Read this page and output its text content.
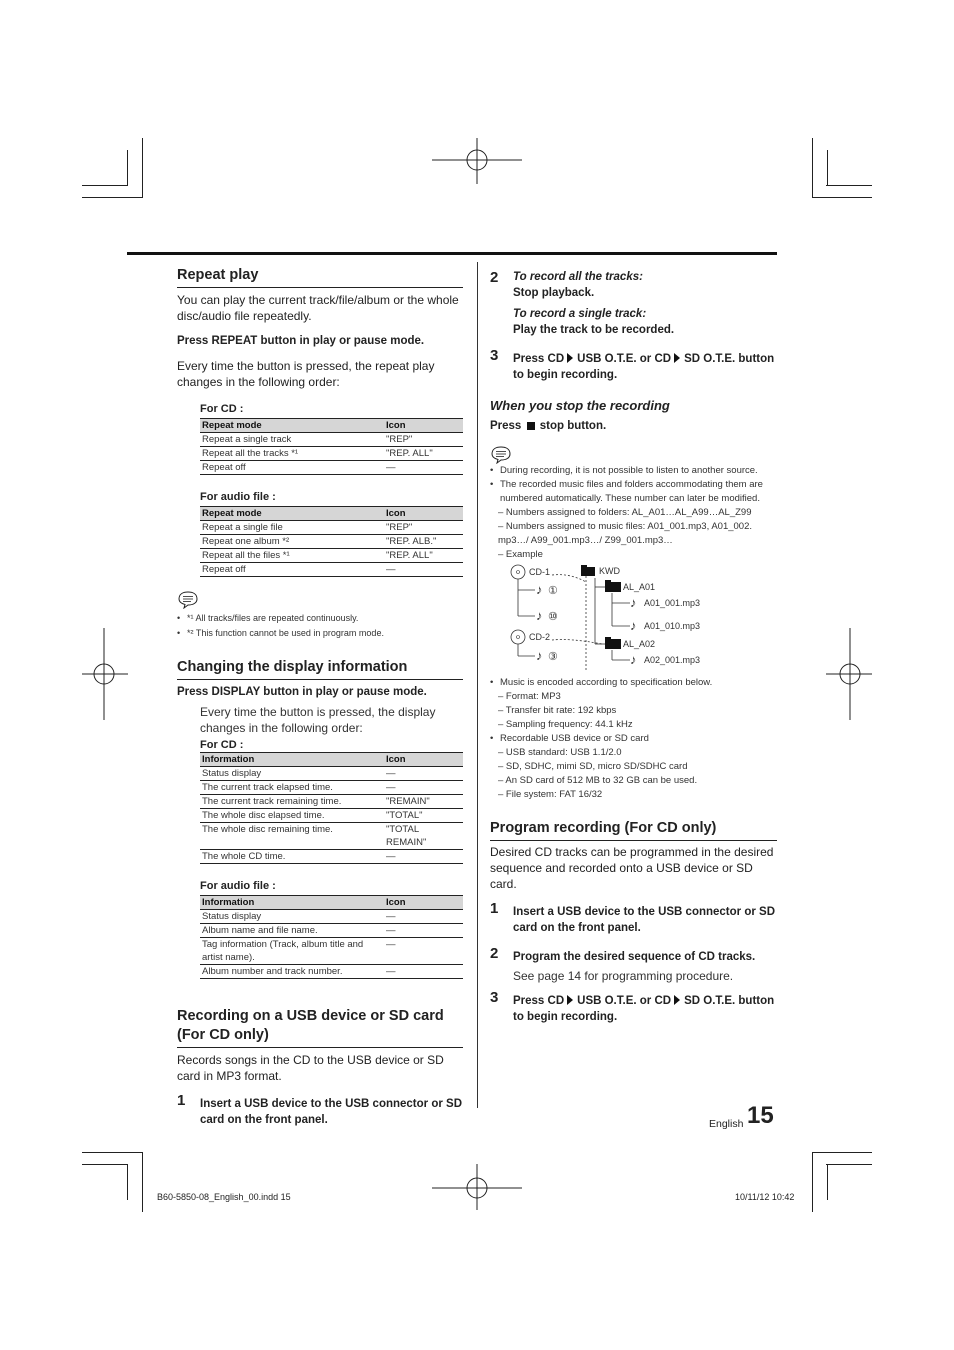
Repeat play

You can play the current track/file/album or the whole disc/audio file repeatedly.

Press REPEAT button in play or pause mode.

Every time the button is pressed, the repeat play changes in the following order:

For CD :

Repeat mode	Icon
Repeat a single track	"REP"
Repeat all the tracks *¹	"REP. ALL"
Repeat off	—

For audio file :

Repeat mode	Icon
Repeat a single file	"REP"
Repeat one album *²	"REP. ALB."
Repeat all the files *¹	"REP. ALL"
Repeat off	—
• *¹ All tracks/files are repeated continuously.
• *² This function cannot be used in program mode.
Changing the display information

Press DISPLAY button in play or pause mode.

Every time the button is pressed, the display changes in the following order:

For CD :

Information	Icon
Status display	—
The current track elapsed time.	—
The current track remaining time.	"REMAIN"
The whole disc elapsed time.	"TOTAL"
The whole disc remaining time.	"TOTAL REMAIN"
The whole CD time.	—

For audio file :

Information	Icon
Status display	—
Album name and file name.	—
Tag information (Track, album title and artist name).	—
Album number and track number.	—
Recording on a USB device or SD card (For CD only)

Records songs in the CD to the USB device or SD card in MP3 format.

1 Insert a USB device to the USB connector or SD card on the front panel.

2 To record all the tracks:

Stop playback.

To record a single track:

Play the track to be recorded.

3 Press CD USB O.T.E. or CD SD O.T.E. button to begin recording.

When you stop the recording

Press stop button.

• During recording, it is not possible to listen to another source.
• The recorded music files and folders accommodating them are numbered automatically. These number can later be modified.
– Numbers assigned to folders: AL_A01…AL_A99…AL_Z99
– Numbers assigned to music files: A01_001.mp3, A01_002. mp3…/ A99_001.mp3…/ Z99_001.mp3…
– Example
CD-1
CD-2
♪ ①
♪ ⑩
♪ ③
KWD
AL_A01
AL_A02
♪ A01_001.mp3
♪ A01_010.mp3
♪ A02_001.mp3
• Music is encoded according to specification below.
– Format: MP3
– Transfer bit rate: 192 kbps
– Sampling frequency: 44.1 kHz
• Recordable USB device or SD card
– USB standard: USB 1.1/2.0
– SD, SDHC, mimi SD, micro SD/SDHC card
– An SD card of 512 MB to 32 GB can be used.
– File system: FAT 16/32
Program recording (For CD only)

Desired CD tracks can be programmed in the desired sequence and recorded onto a USB device or SD card.

1 Insert a USB device to the USB connector or SD card on the front panel.

2 Program the desired sequence of CD tracks.

See page 14 for programming procedure.

3 Press CD USB O.T.E. or CD SD O.T.E. button to begin recording.

English 15
B60-5850-08_English_00.indd 15	10/11/12 10:42
